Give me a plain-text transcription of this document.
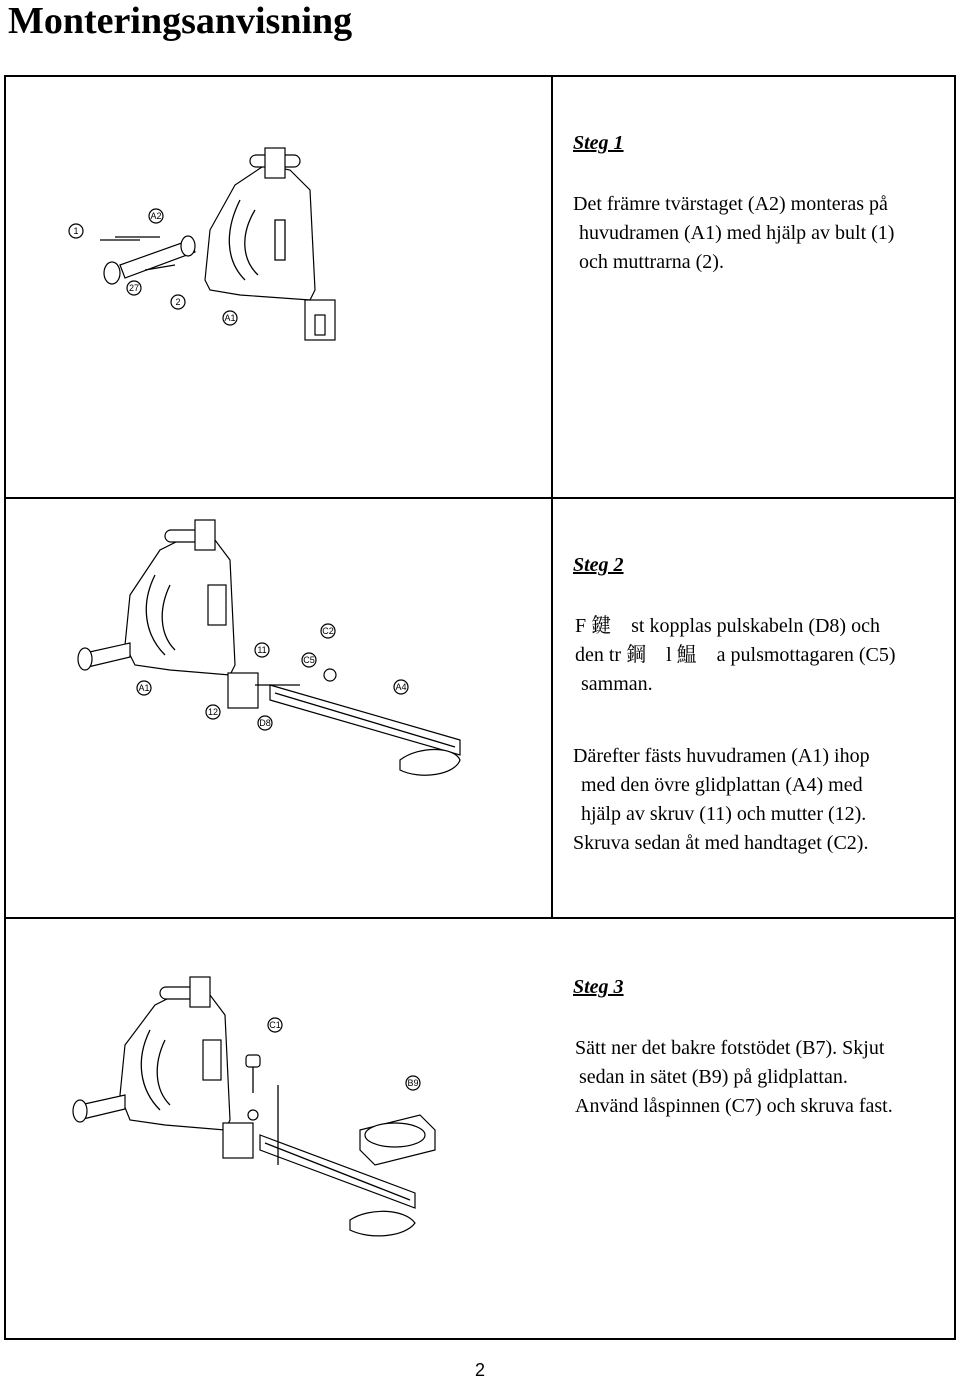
Monteringsanvisning
Steg 1
Det främre tvärstaget (A2) monteras på
huvudramen (A1) med hjälp av bult (1)
och muttrarna (2).
1
A2
27
2
A1
Steg 2
F 鍵　st kopplas pulskabeln (D8) och
den tr 鋼　l 鰛　a pulsmottagaren (C5)
samman.
Därefter fästs huvudramen (A1) ihop
med den övre glidplattan (A4) med
hjälp av skruv (11) och mutter (12).
Skruva sedan åt med handtaget (C2).
A1
12
11
C5
C2
D8
A4
Steg 3
Sätt ner det bakre fotstödet (B7). Skjut
sedan in sätet (B9) på glidplattan.
Använd låspinnen (C7) och skruva fast.
C1
B9
2
